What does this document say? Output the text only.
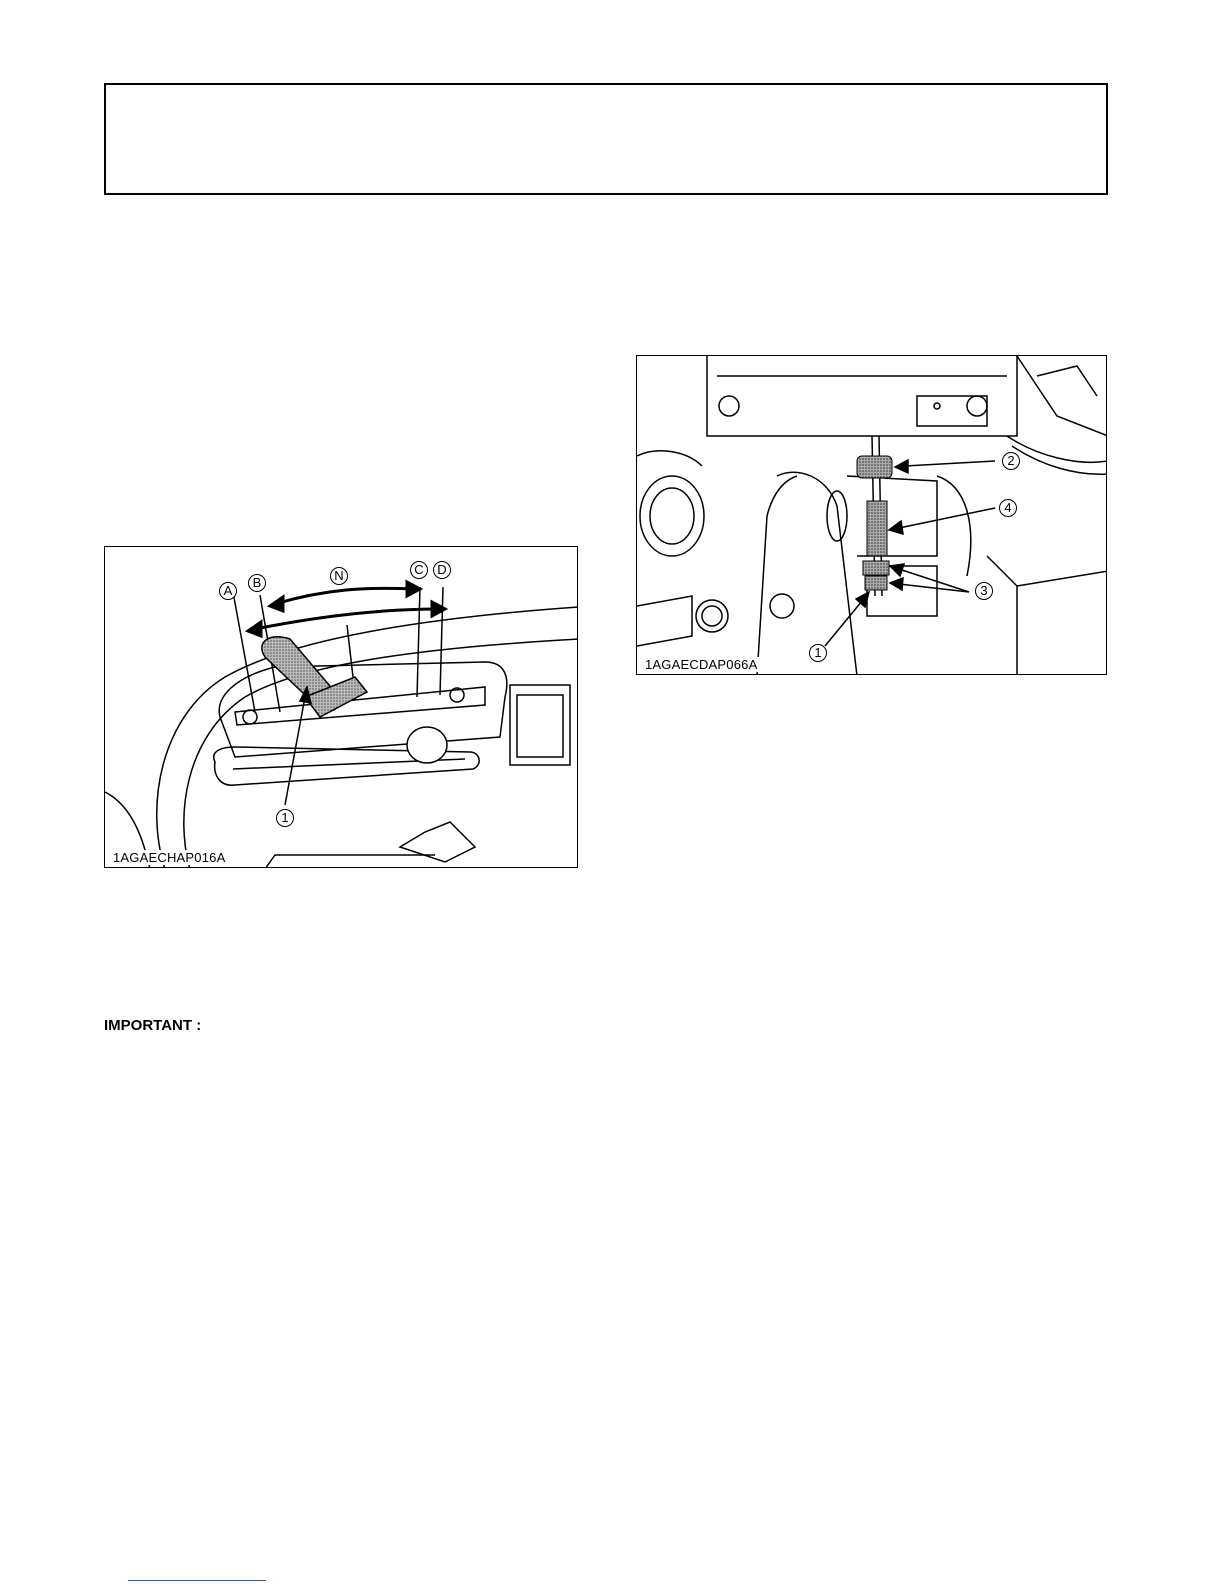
A
B	N	C	D
1
1AGAECHAP016A
2
4
3
1
1AGAECDAP066A
IMPORTANT :
